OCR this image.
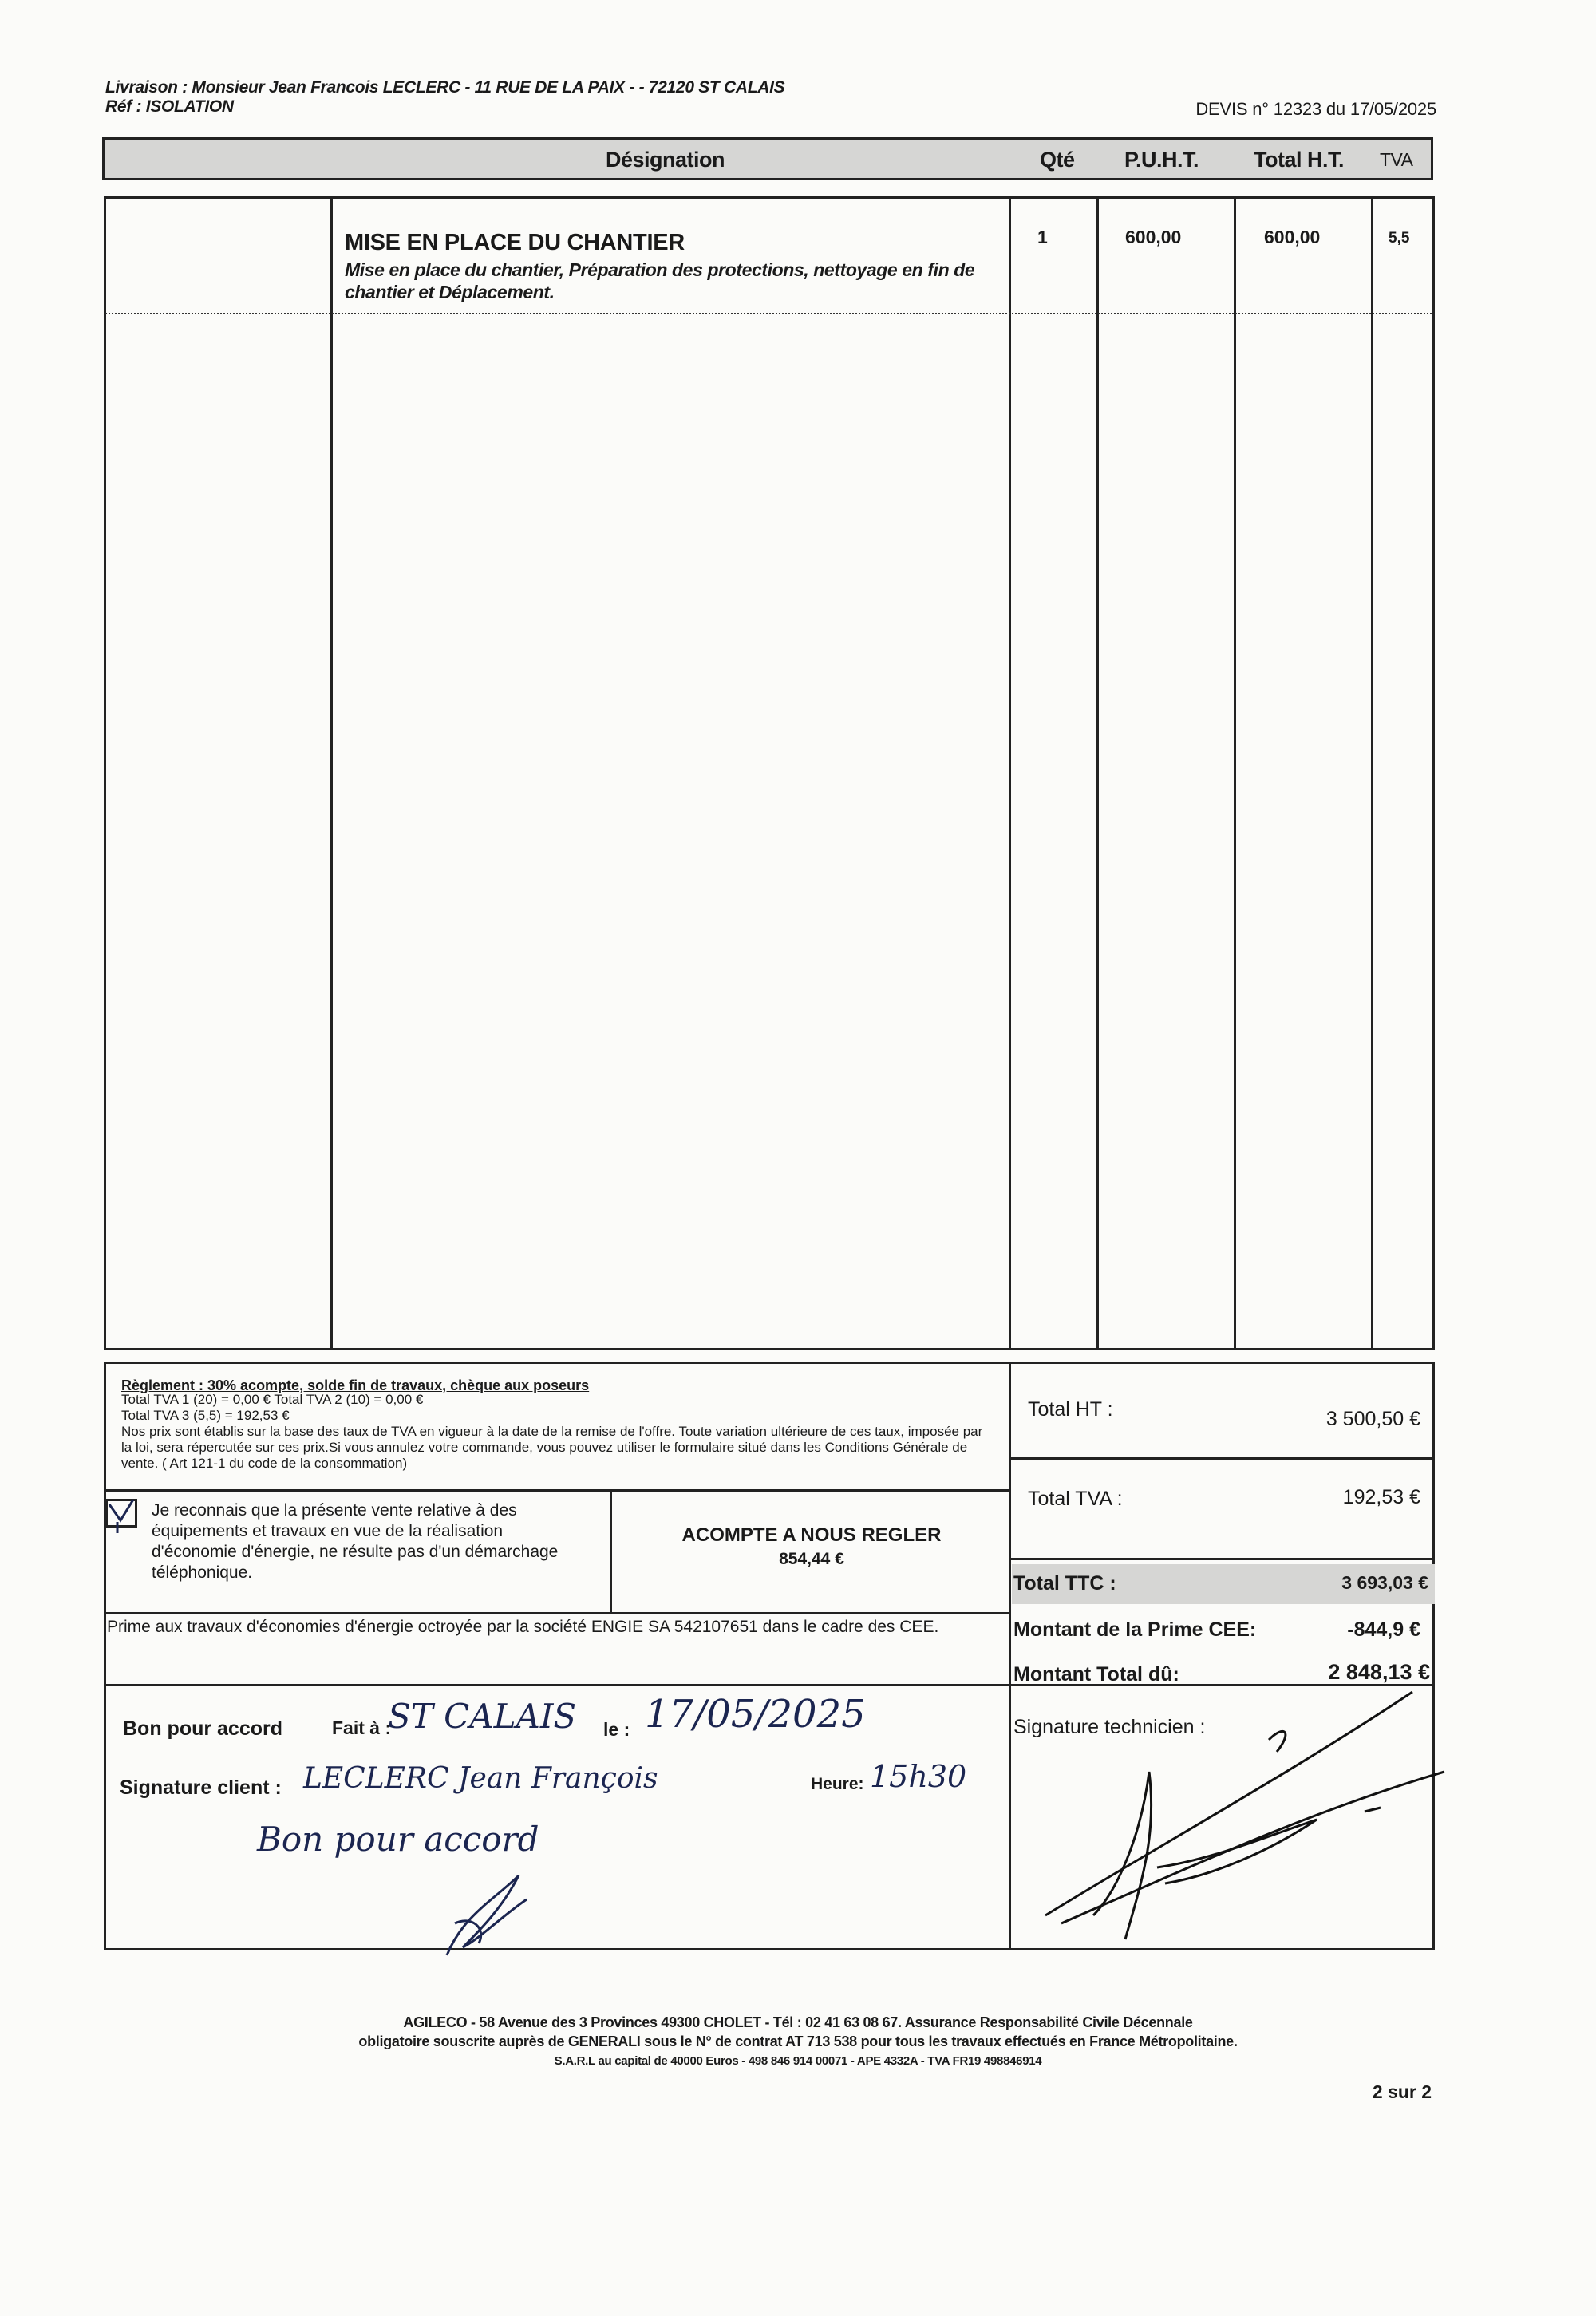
Livraison : Monsieur Jean Francois LECLERC - 11 RUE DE LA PAIX - - 72120 ST CALAIS
Réf : ISOLATION	DEVIS n° 12323 du 17/05/2025
Désignation	Qté P.U.H.T.	Total H.T. TVA
MISE EN PLACE DU CHANTIER
Mise en place du chantier, Préparation des protections, nettoyage en fin de chantier et Déplacement.
1	600,00	600,00	5,5
Règlement : 30% acompte, solde fin de travaux, chèque aux poseurs
Total TVA 1 (20) = 0,00 € Total TVA 2 (10) = 0,00 €
Total TVA 3 (5,5) = 192,53 €
Nos prix sont établis sur la base des taux de TVA en vigueur à la date de la remise de l'offre. Toute variation ultérieure de ces taux, imposée par la loi, sera répercutée sur ces prix.Si vous annulez votre commande, vous pouvez utiliser le formulaire situé dans les Conditions Générale de vente. ( Art 121-1 du code de la consommation)
Je reconnais que la présente vente relative à des équipements et travaux en vue de la réalisation d'économie d'énergie, ne résulte pas d'un démarchage téléphonique.
ACOMPTE A NOUS REGLER
854,44 €
Prime aux travaux d'économies d'énergie octroyée par la société ENGIE SA 542107651 dans le cadre des CEE.
Total HT :	3 500,50 €
Total TVA :	192,53 €
Total TTC :	3 693,03 €
Montant de la Prime CEE:	-844,9 €
Montant Total dû:	2 848,13 €
Bon pour accord	Fait à :
ST CALAIS le : 17/05/2025
Signature client : LECLERC Jean François	Heure: 15h30
Bon pour accord
Signature technicien :
AGILECO - 58 Avenue des 3 Provinces 49300 CHOLET - Tél : 02 41 63 08 67. Assurance Responsabilité Civile Décennale
obligatoire souscrite auprès de GENERALI sous le N° de contrat AT 713 538 pour tous les travaux effectués en France Métropolitaine.
S.A.R.L au capital de 40000 Euros - 498 846 914 00071 - APE 4332A - TVA FR19 498846914
2 sur 2
